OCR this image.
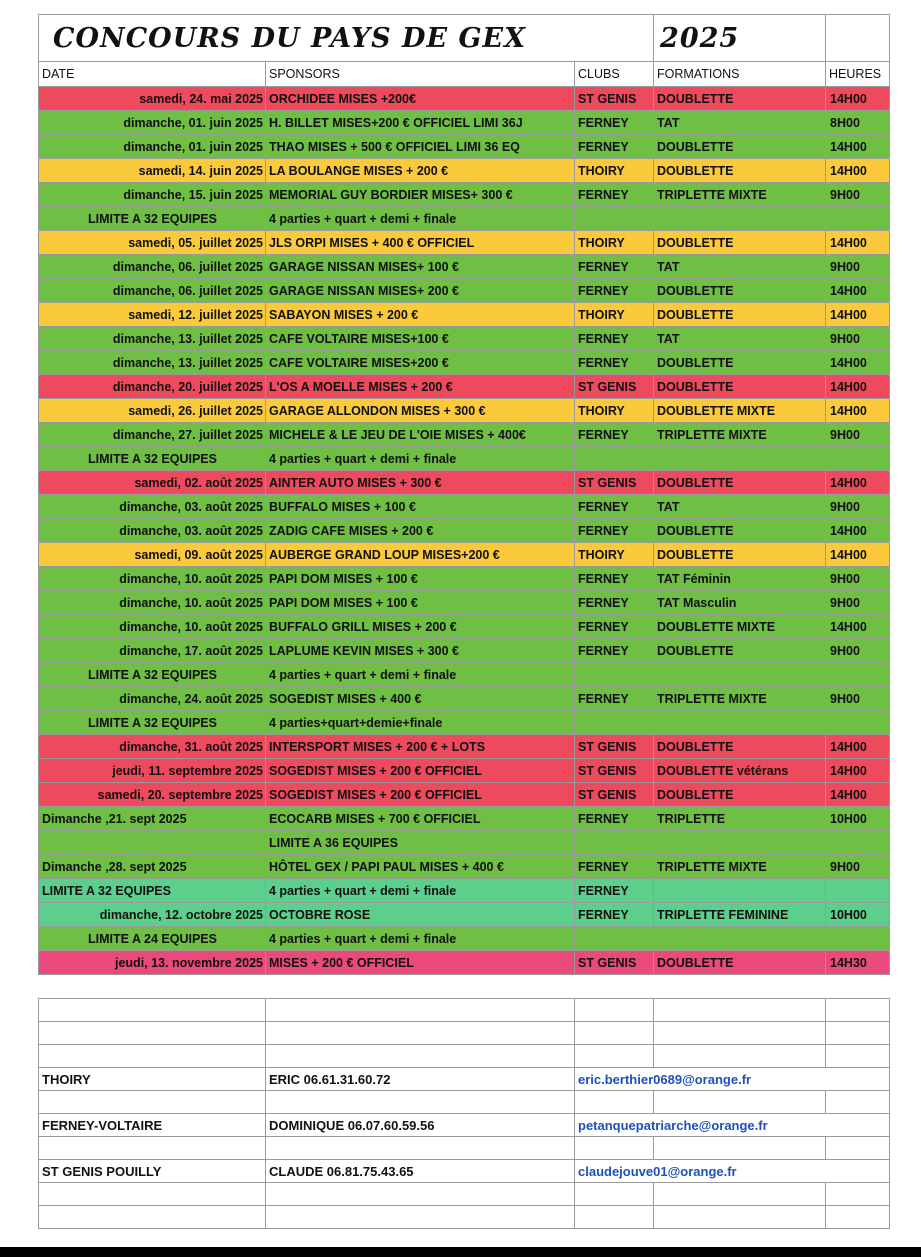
CONCOURS DU PAYS DE GEX			2025	
DATE	SPONSORS	CLUBS	FORMATIONS	HEURES
samedi, 24. mai 2025	ORCHIDEE MISES +200€	ST GENIS	DOUBLETTE	14H00
dimanche, 01. juin 2025	H. BILLET MISES+200 € OFFICIEL LIMI 36J	FERNEY	TAT	8H00
dimanche, 01. juin 2025	THAO MISES + 500 € OFFICIEL LIMI 36 EQ	FERNEY	DOUBLETTE	14H00
samedi, 14. juin 2025	LA BOULANGE MISES + 200 €	THOIRY	DOUBLETTE	14H00
dimanche, 15. juin 2025	MEMORIAL GUY BORDIER MISES+ 300 €	FERNEY	TRIPLETTE MIXTE	9H00
LIMITE A 32 EQUIPES	4 parties + quart + demi + finale			
samedi, 05. juillet 2025	JLS ORPI MISES + 400 € OFFICIEL	THOIRY	DOUBLETTE	14H00
dimanche, 06. juillet 2025	GARAGE NISSAN MISES+ 100 €	FERNEY	TAT	9H00
dimanche, 06. juillet 2025	GARAGE NISSAN MISES+ 200 €	FERNEY	DOUBLETTE	14H00
samedi, 12. juillet 2025	SABAYON MISES + 200 €	THOIRY	DOUBLETTE	14H00
dimanche, 13. juillet 2025	CAFE VOLTAIRE MISES+100 €	FERNEY	TAT	9H00
dimanche, 13. juillet 2025	CAFE VOLTAIRE MISES+200 €	FERNEY	DOUBLETTE	14H00
dimanche, 20. juillet 2025	L'OS A MOELLE MISES + 200 €	ST GENIS	DOUBLETTE	14H00
samedi, 26. juillet 2025	GARAGE ALLONDON MISES + 300 €	THOIRY	DOUBLETTE MIXTE	14H00
dimanche, 27. juillet 2025	MICHELE & LE JEU DE L'OIE MISES + 400€	FERNEY	TRIPLETTE MIXTE	9H00
LIMITE A 32 EQUIPES	4 parties + quart + demi + finale			
samedi, 02. août 2025	AINTER AUTO MISES + 300 €	ST GENIS	DOUBLETTE	14H00
dimanche, 03. août 2025	BUFFALO MISES + 100 €	FERNEY	TAT	9H00
dimanche, 03. août 2025	ZADIG CAFE MISES + 200 €	FERNEY	DOUBLETTE	14H00
samedi, 09. août 2025	AUBERGE GRAND LOUP MISES+200 €	THOIRY	DOUBLETTE	14H00
dimanche, 10. août 2025	PAPI DOM MISES + 100 €	FERNEY	TAT Féminin	9H00
dimanche, 10. août 2025	PAPI DOM MISES + 100 €	FERNEY	TAT Masculin	9H00
dimanche, 10. août 2025	BUFFALO GRILL MISES + 200 €	FERNEY	DOUBLETTE MIXTE	14H00
dimanche, 17. août 2025	LAPLUME KEVIN MISES + 300 €	FERNEY	DOUBLETTE	9H00
LIMITE A 32 EQUIPES	4 parties + quart + demi + finale			
dimanche, 24. août 2025	SOGEDIST MISES + 400 €	FERNEY	TRIPLETTE MIXTE	9H00
LIMITE A 32 EQUIPES	4 parties+quart+demie+finale			
dimanche, 31. août 2025	INTERSPORT MISES + 200 € + LOTS	ST GENIS	DOUBLETTE	14H00
jeudi, 11. septembre 2025	SOGEDIST MISES + 200 € OFFICIEL	ST GENIS	DOUBLETTE vétérans	14H00
samedi, 20. septembre 2025	SOGEDIST MISES + 200 € OFFICIEL	ST GENIS	DOUBLETTE	14H00
Dimanche ,21. sept 2025	ECOCARB MISES + 700 € OFFICIEL	FERNEY	TRIPLETTE	10H00
	LIMITE A 36 EQUIPES			
Dimanche ,28. sept 2025	HÔTEL GEX / PAPI PAUL MISES + 400 €	FERNEY	TRIPLETTE MIXTE	9H00
LIMITE A 32 EQUIPES	4 parties + quart + demi + finale	FERNEY		
dimanche, 12. octobre 2025	OCTOBRE ROSE	FERNEY	TRIPLETTE FEMININE	10H00
LIMITE A 24 EQUIPES	4 parties + quart + demi + finale			
jeudi, 13. novembre 2025	MISES + 200 € OFFICIEL	ST GENIS	DOUBLETTE	14H30

THOIRY	ERIC 06.61.31.60.72	eric.berthier0689@orange.fr		

FERNEY-VOLTAIRE	DOMINIQUE 06.07.60.59.56	petanquepatriarche@orange.fr		

ST GENIS POUILLY	CLAUDE 06.81.75.43.65	claudejouve01@orange.fr		
